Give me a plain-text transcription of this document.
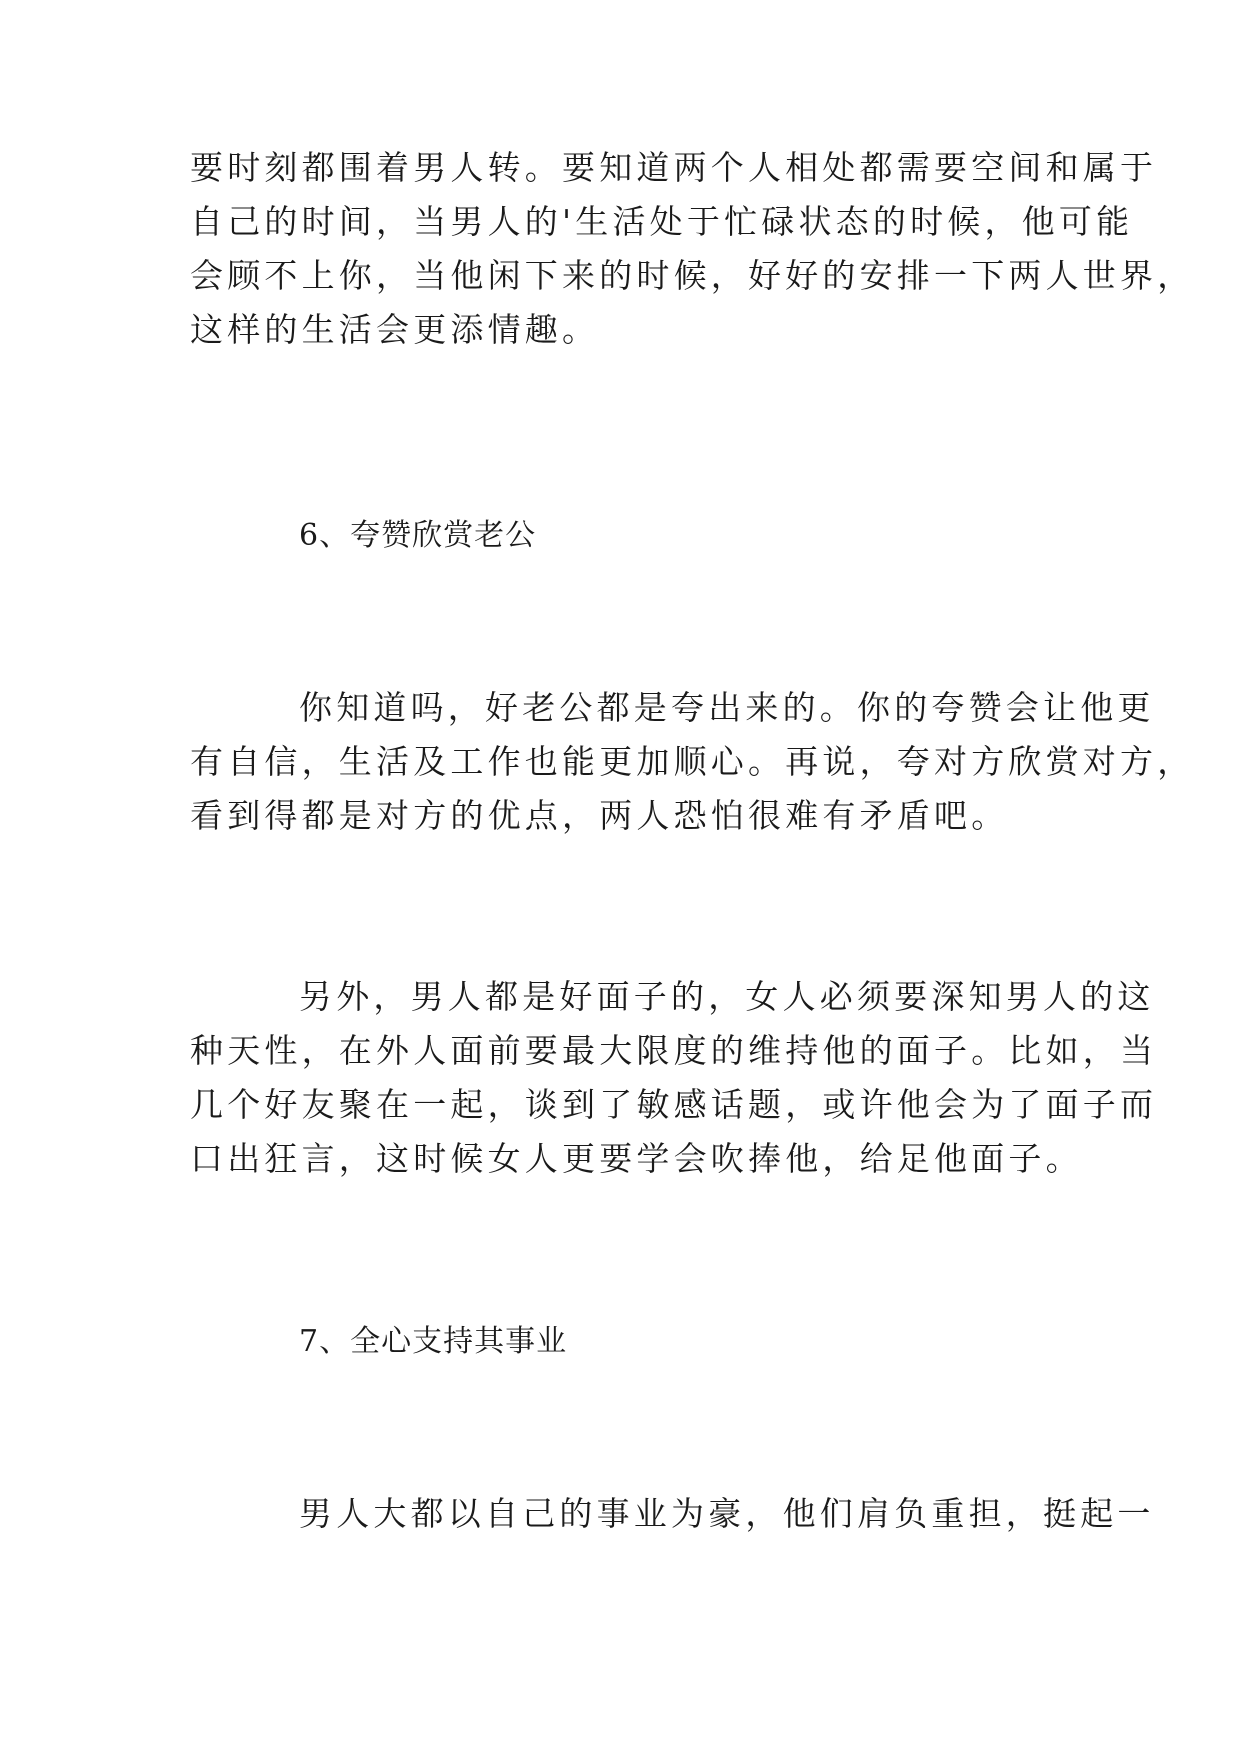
要时刻都围着男人转。要知道两个人相处都需要空间和属于
自己的时间，当男人的'生活处于忙碌状态的时候，他可能
会顾不上你，当他闲下来的时候，好好的安排一下两人世界，
这样的生活会更添情趣。
6、夸赞欣赏老公
你知道吗，好老公都是夸出来的。你的夸赞会让他更
有自信，生活及工作也能更加顺心。再说，夸对方欣赏对方，
看到得都是对方的优点，两人恐怕很难有矛盾吧。
另外，男人都是好面子的，女人必须要深知男人的这
种天性，在外人面前要最大限度的维持他的面子。比如，当
几个好友聚在一起，谈到了敏感话题，或许他会为了面子而
口出狂言，这时候女人更要学会吹捧他，给足他面子。
7、全心支持其事业
男人大都以自己的事业为豪，他们肩负重担，挺起一
